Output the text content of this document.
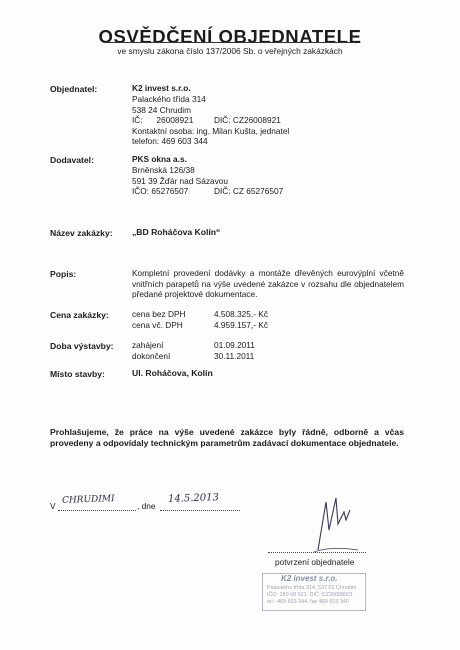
OSVĚDČENÍ OBJEDNATELE
ve smyslu zákona číslo 137/2006 Sb. o veřejných zakázkách
Objednatel:	K2 invest s.r.o.
Palackého třída 314
538 24 Chrudim
IČ:      26008921 DIČ: CZ26008921
Kontaktní osoba: ing. Milan Kušta, jednatel
telefon: 469 603 344
Dodavatel:	PKS okna a.s.
Brněnská 126/38
591 39 Žďár nad Sázavou
IČO: 65276507	DIČ: CZ 65276507
Název zakázky: „BD Roháčova Kolín“
Popis:	Kompletní provedení dodávky a montáže dřevěných eurovýplní včetně vnitřních parapetů na výše uvedené zakázce v rozsahu dle objednatelem předané projektové dokumentace.
Cena zakázky:	cena bez DPH	4.508.325,- Kč
cena vč. DPH	4.959.157,- Kč
Doba výstavby: zahájení	01.09.2011
dokončení	30.11.2011
Místo stavby:	Ul. Roháčova, Kolín
Prohlašujeme, že práce na výše uvedené zakázce byly řádně, odborně a včas provedeny a odpovídaly technickým parametrům zadávací dokumentace objednatele.
V
CHRUDIMI
, dne
14.5.2013
potvrzení objednatele
K2 invest s.r.o.
Palackého třída 314, 537 01 Chrudim
IČO: 260 08 921, DIČ: CZ26008921
tel.: 469 603 344, fax 469 603 340
